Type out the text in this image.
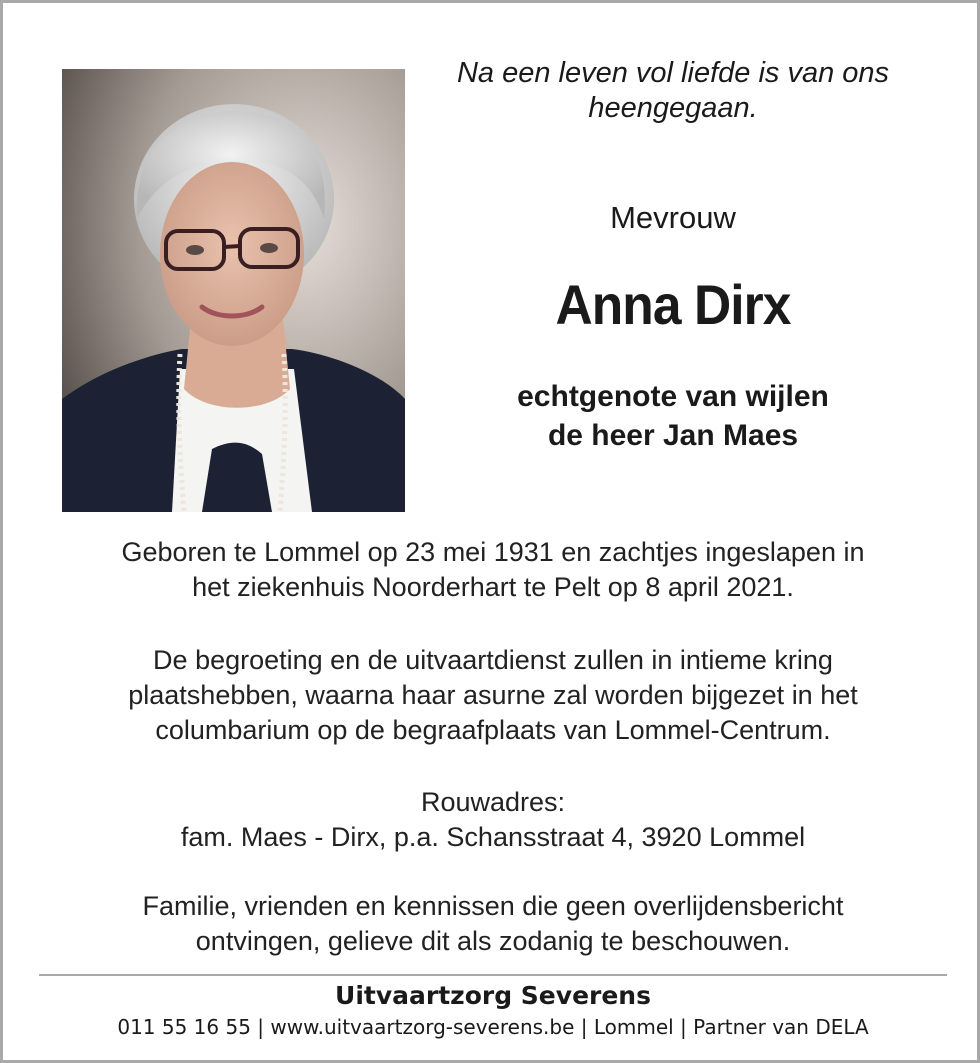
Na een leven vol liefde is van ons
heengegaan.
Mevrouw
Anna Dirx
echtgenote van wijlen
de heer Jan Maes
Geboren te Lommel op 23 mei 1931 en zachtjes ingeslapen in
het ziekenhuis Noorderhart te Pelt op 8 april 2021.
De begroeting en de uitvaartdienst zullen in intieme kring
plaatshebben, waarna haar asurne zal worden bijgezet in het
columbarium op de begraafplaats van Lommel-Centrum.
Rouwadres:
fam. Maes - Dirx, p.a. Schansstraat 4, 3920 Lommel
Familie, vrienden en kennissen die geen overlijdensbericht
ontvingen, gelieve dit als zodanig te beschouwen.
Uitvaartzorg Severens
011 55 16 55 | www.uitvaartzorg-severens.be | Lommel | Partner van DELA
